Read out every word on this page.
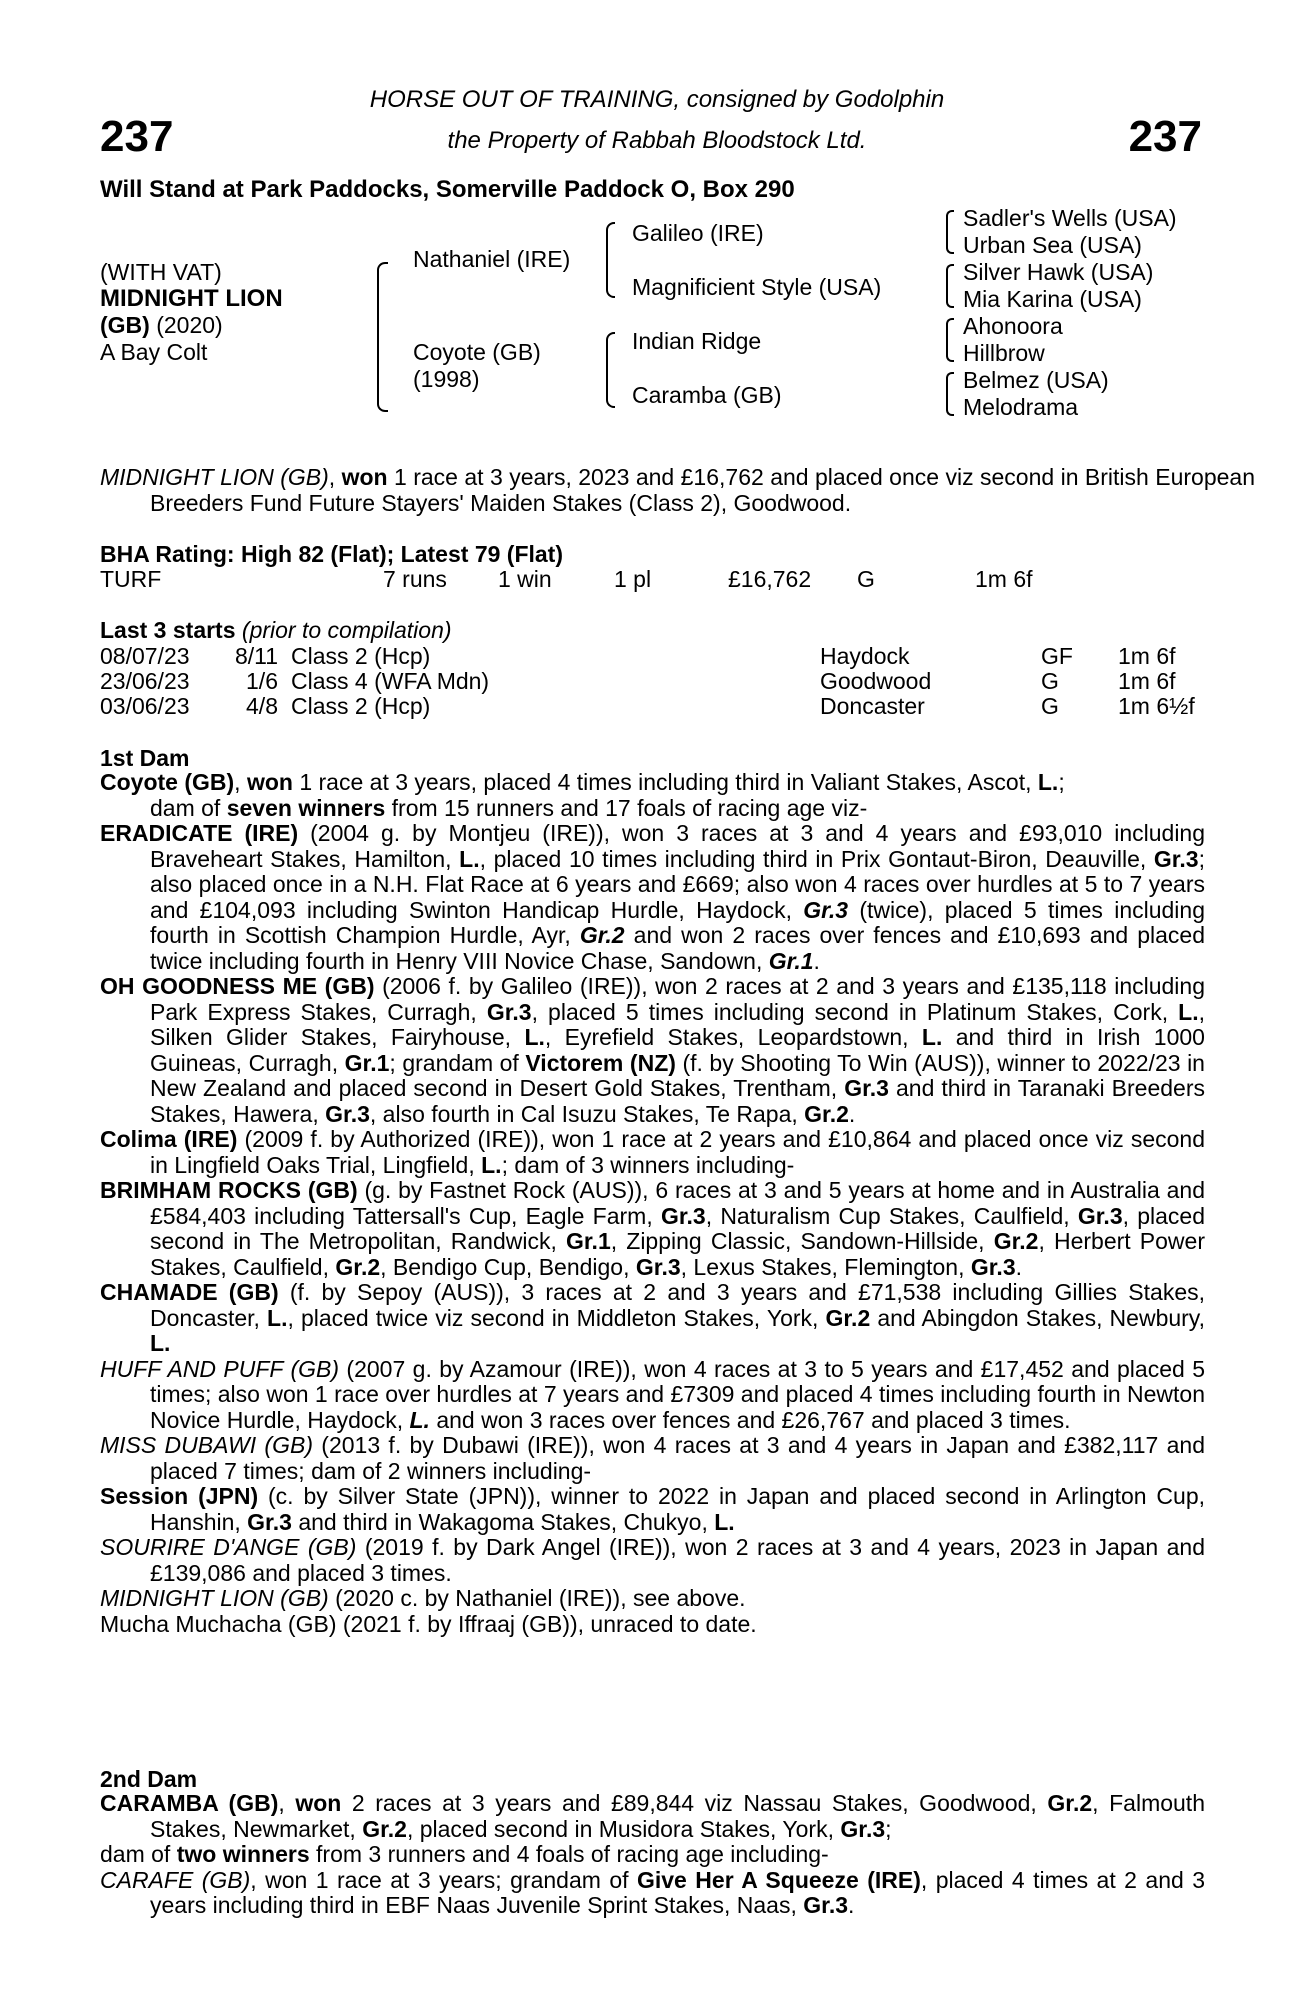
237	237
HORSE OUT OF TRAINING, consigned by Godolphin
the Property of Rabbah Bloodstock Ltd.
Will Stand at Park Paddocks, Somerville Paddock O, Box 290
(WITH VAT)
MIDNIGHT LION
(GB) (2020)
A Bay Colt
Nathaniel (IRE)
Coyote (GB)
(1998)
Galileo (IRE)
Magnificient Style (USA)
Indian Ridge
Caramba (GB)
Sadler's Wells (USA)
Urban Sea (USA)
Silver Hawk (USA)
Mia Karina (USA)
Ahonoora
Hillbrow
Belmez (USA)
Melodrama
MIDNIGHT LION (GB), won 1 race at 3 years, 2023 and £16,762 and placed once viz second in British European Breeders Fund Future Stayers' Maiden Stakes (Class 2), Goodwood.
BHA Rating: High 82 (Flat); Latest 79 (Flat)
TURF	7 runs 1 win	1 pl	£16,762 G	1m 6f
Last 3 starts (prior to compilation)
08/07/23	8/11 Class 2 (Hcp)	Haydock	GF 1m 6f
23/06/23	1/6 Class 4 (WFA Mdn)	Goodwood	G	1m 6f
03/06/23	4/8 Class 2 (Hcp)	Doncaster	G	1m 6½f
1st Dam

Coyote (GB), won 1 race at 3 years, placed 4 times including third in Valiant Stakes, Ascot, L.;
dam of seven winners from 15 runners and 17 foals of racing age viz-

ERADICATE (IRE) (2004 g. by Montjeu (IRE)), won 3 races at 3 and 4 years and £93,010 including Braveheart Stakes, Hamilton, L., placed 10 times including third in Prix Gontaut-Biron, Deauville, Gr.3; also placed once in a N.H. Flat Race at 6 years and £669; also won 4 races over hurdles at 5 to 7 years and £104,093 including Swinton Handicap Hurdle, Haydock, Gr.3 (twice), placed 5 times including fourth in Scottish Champion Hurdle, Ayr, Gr.2 and won 2 races over fences and £10,693 and placed twice including fourth in Henry VIII Novice Chase, Sandown, Gr.1.

OH GOODNESS ME (GB) (2006 f. by Galileo (IRE)), won 2 races at 2 and 3 years and £135,118 including Park Express Stakes, Curragh, Gr.3, placed 5 times including second in Platinum Stakes, Cork, L., Silken Glider Stakes, Fairyhouse, L., Eyrefield Stakes, Leopardstown, L. and third in Irish 1000 Guineas, Curragh, Gr.1; grandam of Victorem (NZ) (f. by Shooting To Win (AUS)), winner to 2022/23 in New Zealand and placed second in Desert Gold Stakes, Trentham, Gr.3 and third in Taranaki Breeders Stakes, Hawera, Gr.3, also fourth in Cal Isuzu Stakes, Te Rapa, Gr.2.

Colima (IRE) (2009 f. by Authorized (IRE)), won 1 race at 2 years and £10,864 and placed once viz second in Lingfield Oaks Trial, Lingfield, L.; dam of 3 winners including-

BRIMHAM ROCKS (GB) (g. by Fastnet Rock (AUS)), 6 races at 3 and 5 years at home and in Australia and £584,403 including Tattersall's Cup, Eagle Farm, Gr.3, Naturalism Cup Stakes, Caulfield, Gr.3, placed second in The Metropolitan, Randwick, Gr.1, Zipping Classic, Sandown-Hillside, Gr.2, Herbert Power Stakes, Caulfield, Gr.2, Bendigo Cup, Bendigo, Gr.3, Lexus Stakes, Flemington, Gr.3.

CHAMADE (GB) (f. by Sepoy (AUS)), 3 races at 2 and 3 years and £71,538 including Gillies Stakes, Doncaster, L., placed twice viz second in Middleton Stakes, York, Gr.2 and Abingdon Stakes, Newbury, L.

HUFF AND PUFF (GB) (2007 g. by Azamour (IRE)), won 4 races at 3 to 5 years and £17,452 and placed 5 times; also won 1 race over hurdles at 7 years and £7309 and placed 4 times including fourth in Newton Novice Hurdle, Haydock, L. and won 3 races over fences and £26,767 and placed 3 times.

MISS DUBAWI (GB) (2013 f. by Dubawi (IRE)), won 4 races at 3 and 4 years in Japan and £382,117 and placed 7 times; dam of 2 winners including-

Session (JPN) (c. by Silver State (JPN)), winner to 2022 in Japan and placed second in Arlington Cup, Hanshin, Gr.3 and third in Wakagoma Stakes, Chukyo, L.

SOURIRE D'ANGE (GB) (2019 f. by Dark Angel (IRE)), won 2 races at 3 and 4 years, 2023 in Japan and £139,086 and placed 3 times.

MIDNIGHT LION (GB) (2020 c. by Nathaniel (IRE)), see above.

Mucha Muchacha (GB) (2021 f. by Iffraaj (GB)), unraced to date.

2nd Dam

CARAMBA (GB), won 2 races at 3 years and £89,844 viz Nassau Stakes, Goodwood, Gr.2, Falmouth Stakes, Newmarket, Gr.2, placed second in Musidora Stakes, York, Gr.3;

dam of two winners from 3 runners and 4 foals of racing age including-

CARAFE (GB), won 1 race at 3 years; grandam of Give Her A Squeeze (IRE), placed 4 times at 2 and 3 years including third in EBF Naas Juvenile Sprint Stakes, Naas, Gr.3.
